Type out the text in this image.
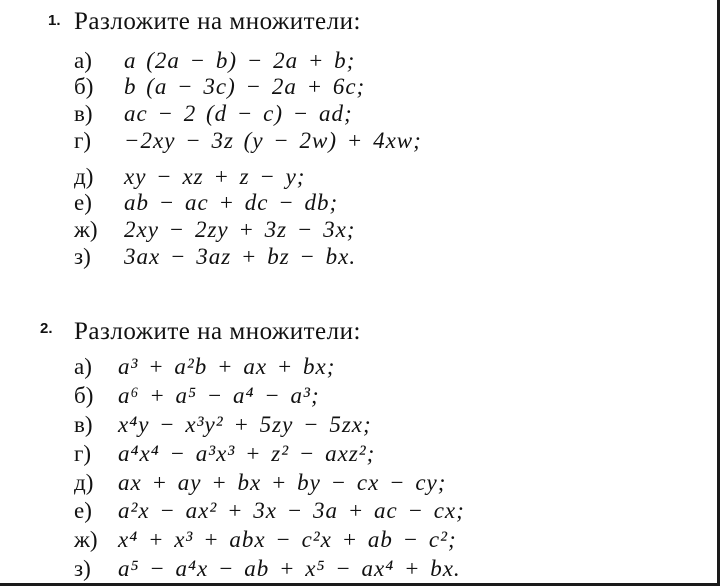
1. Разложите на множители:
а) a (2a − b) − 2a + b;
б) b (a − 3c) − 2a + 6c;
в) ac − 2 (d − c) − ad;
г) −2xy − 3z (y − 2w) + 4xw;
д) xy − xz + z − y;
е) ab − ac + dc − db;
ж) 2xy − 2zy + 3z − 3x;
з) 3ax − 3az + bz − bx.
2. Разложите на множители:
а) a³ + a²b + ax + bx;
б) a⁶ + a⁵ − a⁴ − a³;
в) x⁴y − x³y² + 5zy − 5zx;
г) a⁴x⁴ − a³x³ + z² − axz²;
д) ax + ay + bx + by − cx − cy;
е) a²x − ax² + 3x − 3a + ac − cx;
ж) x⁴ + x³ + abx − c²x + ab − c²;
з) a⁵ − a⁴x − ab + x⁵ − ax⁴ + bx.
